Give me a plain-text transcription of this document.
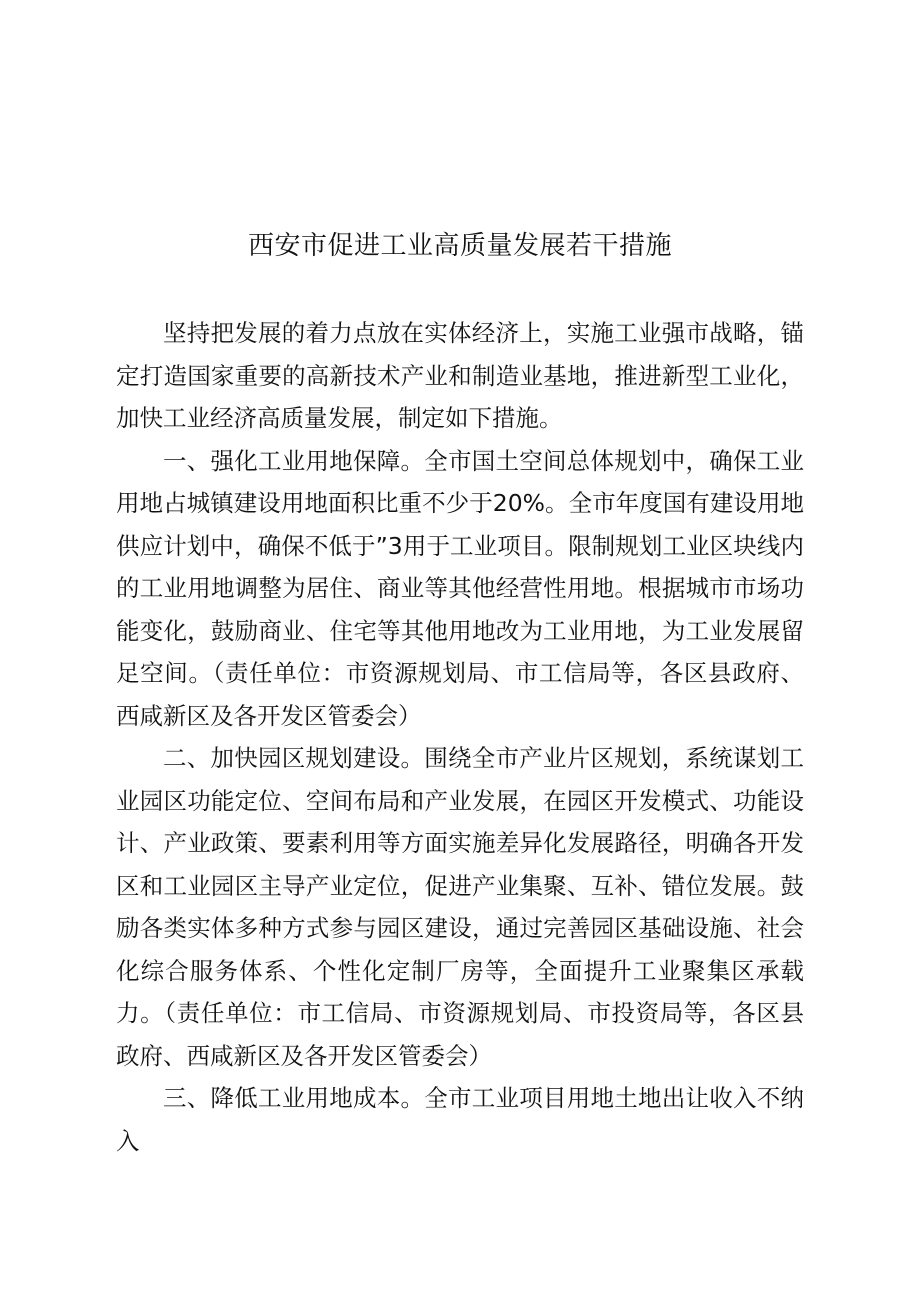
西安市促进工业高质量发展若干措施

坚持把发展的着力点放在实体经济上，实施工业强市战略，锚定打造国家重要的高新技术产业和制造业基地，推进新型工业化，加快工业经济高质量发展，制定如下措施。

一、强化工业用地保障。全市国土空间总体规划中，确保工业用地占城镇建设用地面积比重不少于20%。全市年度国有建设用地供应计划中，确保不低于”3用于工业项目。限制规划工业区块线内的工业用地调整为居住、商业等其他经营性用地。根据城市市场功能变化，鼓励商业、住宅等其他用地改为工业用地，为工业发展留足空间。（责任单位：市资源规划局、市工信局等，各区县政府、西咸新区及各开发区管委会）

二、加快园区规划建设。围绕全市产业片区规划，系统谋划工业园区功能定位、空间布局和产业发展，在园区开发模式、功能设计、产业政策、要素利用等方面实施差异化发展路径，明确各开发区和工业园区主导产业定位，促进产业集聚、互补、错位发展。鼓励各类实体多种方式参与园区建设，通过完善园区基础设施、社会化综合服务体系、个性化定制厂房等，全面提升工业聚集区承载力。（责任单位：市工信局、市资源规划局、市投资局等，各区县政府、西咸新区及各开发区管委会）

三、降低工业用地成本。全市工业项目用地土地出让收入不纳入
